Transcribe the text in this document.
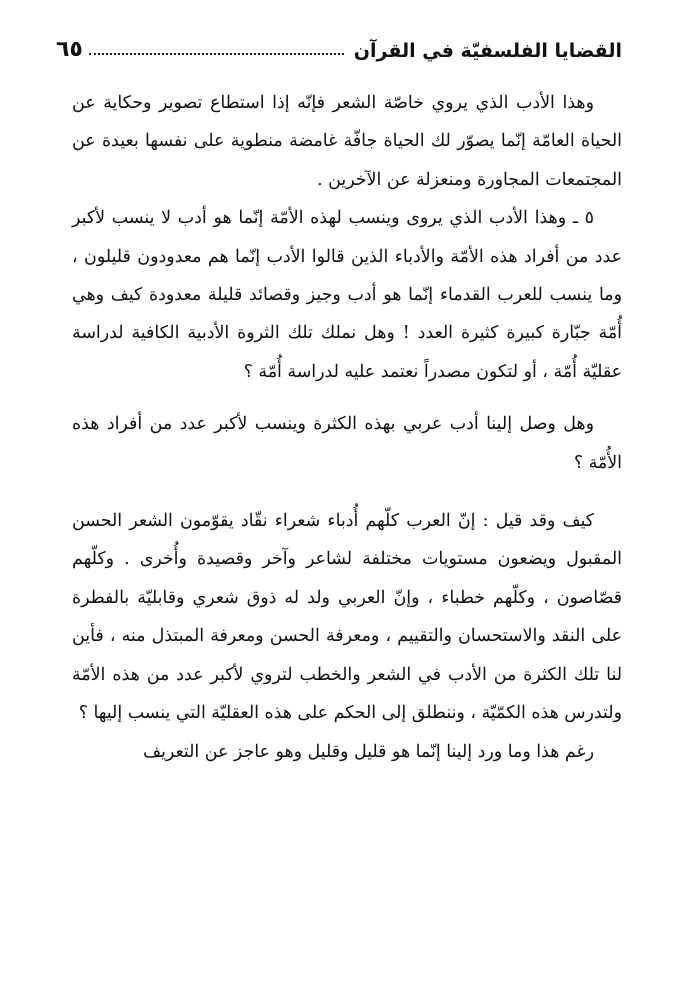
القضايا الفلسفيّة في القرآن
٦٥

وهذا الأدب الذي يروي خاصّة الشعر فإنّه إذا استطاع تصوير وحكاية عن الحياة العامّة إنّما يصوّر لك الحياة جافّة غامضة منطوية على نفسها بعيدة عن المجتمعات المجاورة ومنعزلة عن الآخرين .

٥ ـ وهذا الأدب الذي يروى وينسب لهذه الأمّة إنّما هو أدب لا ينسب لأكبر عدد من أفراد هذه الأمّة والأدباء الذين قالوا الأدب إنّما هم معدودون قليلون ، وما ينسب للعرب القدماء إنّما هو أدب وجيز وقصائد قليلة معدودة كيف وهي أُمّة جبّارة كبيرة كثيرة العدد ! وهل نملك تلك الثروة الأدبية الكافية لدراسة عقليّة أُمّة ، أو لتكون مصدراً نعتمد عليه لدراسة أُمّة ؟

وهل وصل إلينا أدب عربي بهذه الكثرة وينسب لأكبر عدد من أفراد هذه الأُمّة ؟

كيف وقد قيل : إنّ العرب كلّهم أُدباء شعراء نقّاد يقوّمون الشعر الحسن المقبول ويضعون مستويات مختلفة لشاعر وآخر وقصيدة وأُخرى . وكلّهم قصّاصون ، وكلّهم خطباء ، وإنّ العربي ولد له ذوق شعري وقابليّة بالفطرة على النقد والاستحسان والتقييم ، ومعرفة الحسن ومعرفة المبتذل منه ، فأين لنا تلك الكثرة من الأدب في الشعر والخطب لتروي لأكبر عدد من هذه الأمّة ولتدرس هذه الكمّيّة ، وننطلق إلى الحكم على هذه العقليّة التي ينسب إليها ؟

رغم هذا وما ورد إلينا إنّما هو قليل وقليل وهو عاجز عن التعريف
